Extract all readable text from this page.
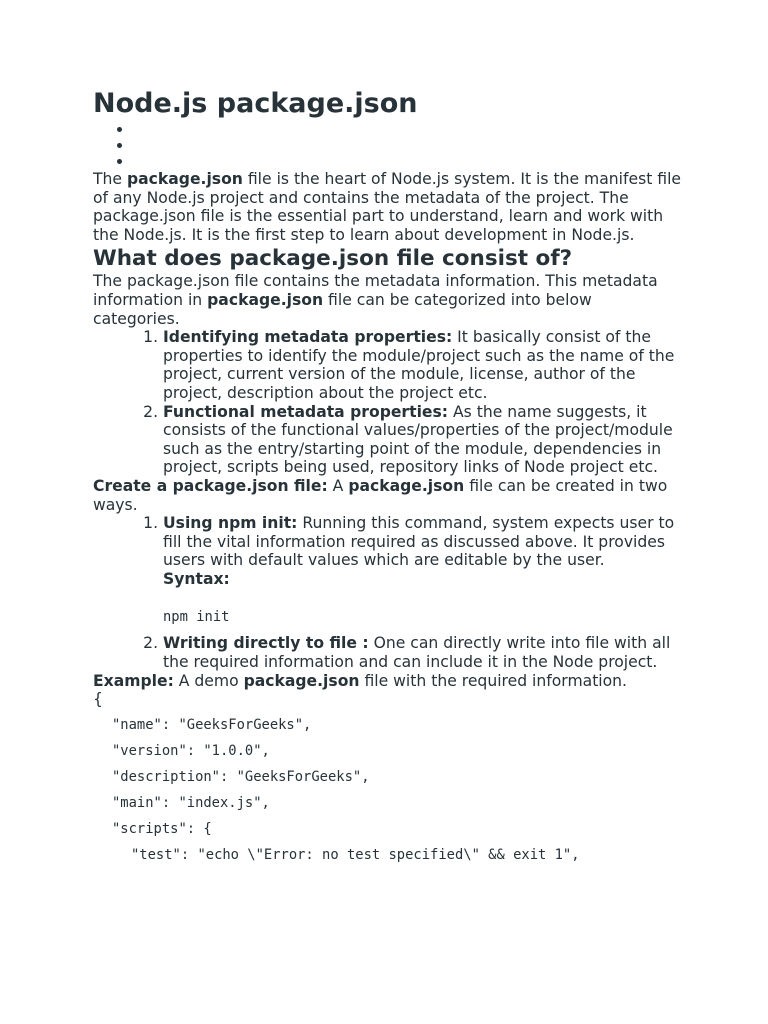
Node.js package.json

The package.json file is the heart of Node.js system. It is the manifest file of any Node.js project and contains the metadata of the project. The package.json file is the essential part to understand, learn and work with the Node.js. It is the first step to learn about development in Node.js.

What does package.json file consist of?

The package.json file contains the metadata information. This metadata information in package.json file can be categorized into below categories.

1. Identifying metadata properties: It basically consist of the properties to identify the module/project such as the name of the project, current version of the module, license, author of the project, description about the project etc.
2. Functional metadata properties: As the name suggests, it consists of the functional values/properties of the project/module such as the entry/starting point of the module, dependencies in project, scripts being used, repository links of Node project etc.

Create a package.json file: A package.json file can be created in two ways.

1. Using npm init: Running this command, system expects user to fill the vital information required as discussed above. It provides users with default values which are editable by the user.
Syntax:
npm init
2. Writing directly to file : One can directly write into file with all the required information and can include it in the Node project.

Example: A demo package.json file with the required information.

{
"name": "GeeksForGeeks",
"version": "1.0.0",
"description": "GeeksForGeeks",
"main": "index.js",
"scripts": {
"test": "echo \"Error: no test specified\" && exit 1",
